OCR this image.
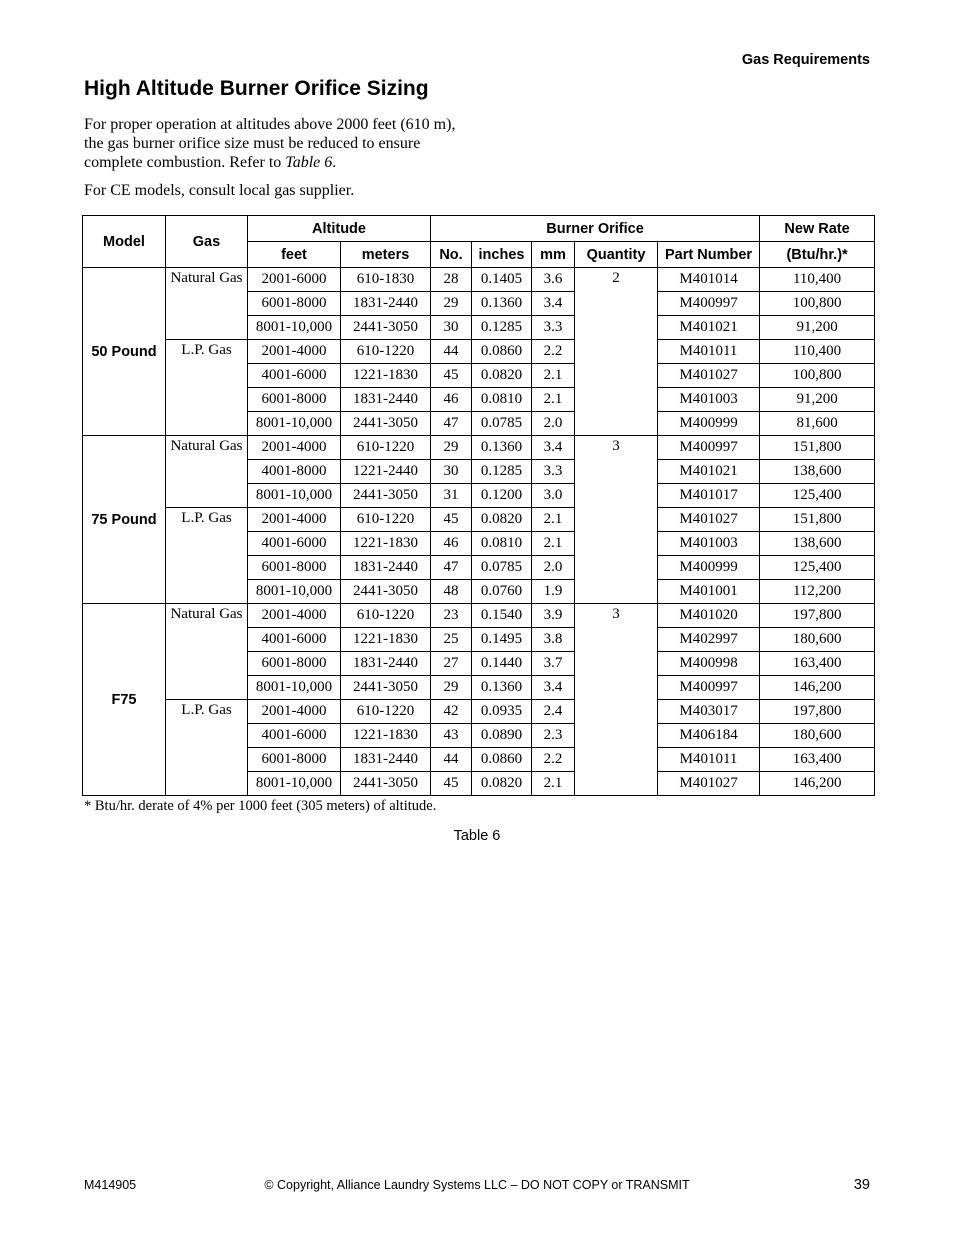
Gas Requirements
High Altitude Burner Orifice Sizing

For proper operation at altitudes above 2000 feet (610 m), the gas burner orifice size must be reduced to ensure complete combustion. Refer to Table 6.

For CE models, consult local gas supplier.

Model	Gas	Altitude		Burner Orifice					New Rate
		feet	meters	No.	inches	mm	Quantity	Part Number	(Btu/hr.)*
50 Pound	Natural Gas	2001-6000	610-1830	28	0.1405	3.6	2	M401014	110,400
		6001-8000	1831-2440	29	0.1360	3.4		M400997	100,800
		8001-10,000	2441-3050	30	0.1285	3.3		M401021	91,200
	L.P. Gas	2001-4000	610-1220	44	0.0860	2.2		M401011	110,400
		4001-6000	1221-1830	45	0.0820	2.1		M401027	100,800
		6001-8000	1831-2440	46	0.0810	2.1		M401003	91,200
		8001-10,000	2441-3050	47	0.0785	2.0		M400999	81,600
75 Pound	Natural Gas	2001-4000	610-1220	29	0.1360	3.4	3	M400997	151,800
		4001-8000	1221-2440	30	0.1285	3.3		M401021	138,600
		8001-10,000	2441-3050	31	0.1200	3.0		M401017	125,400
	L.P. Gas	2001-4000	610-1220	45	0.0820	2.1		M401027	151,800
		4001-6000	1221-1830	46	0.0810	2.1		M401003	138,600
		6001-8000	1831-2440	47	0.0785	2.0		M400999	125,400
		8001-10,000	2441-3050	48	0.0760	1.9		M401001	112,200
F75	Natural Gas	2001-4000	610-1220	23	0.1540	3.9	3	M401020	197,800
		4001-6000	1221-1830	25	0.1495	3.8		M402997	180,600
		6001-8000	1831-2440	27	0.1440	3.7		M400998	163,400
		8001-10,000	2441-3050	29	0.1360	3.4		M400997	146,200
	L.P. Gas	2001-4000	610-1220	42	0.0935	2.4		M403017	197,800
		4001-6000	1221-1830	43	0.0890	2.3		M406184	180,600
		6001-8000	1831-2440	44	0.0860	2.2		M401011	163,400
		8001-10,000	2441-3050	45	0.0820	2.1		M401027	146,200

* Btu/hr. derate of 4% per 1000 feet (305 meters) of altitude.

Table 6
M414905	© Copyright, Alliance Laundry Systems LLC – DO NOT COPY or TRANSMIT	39
